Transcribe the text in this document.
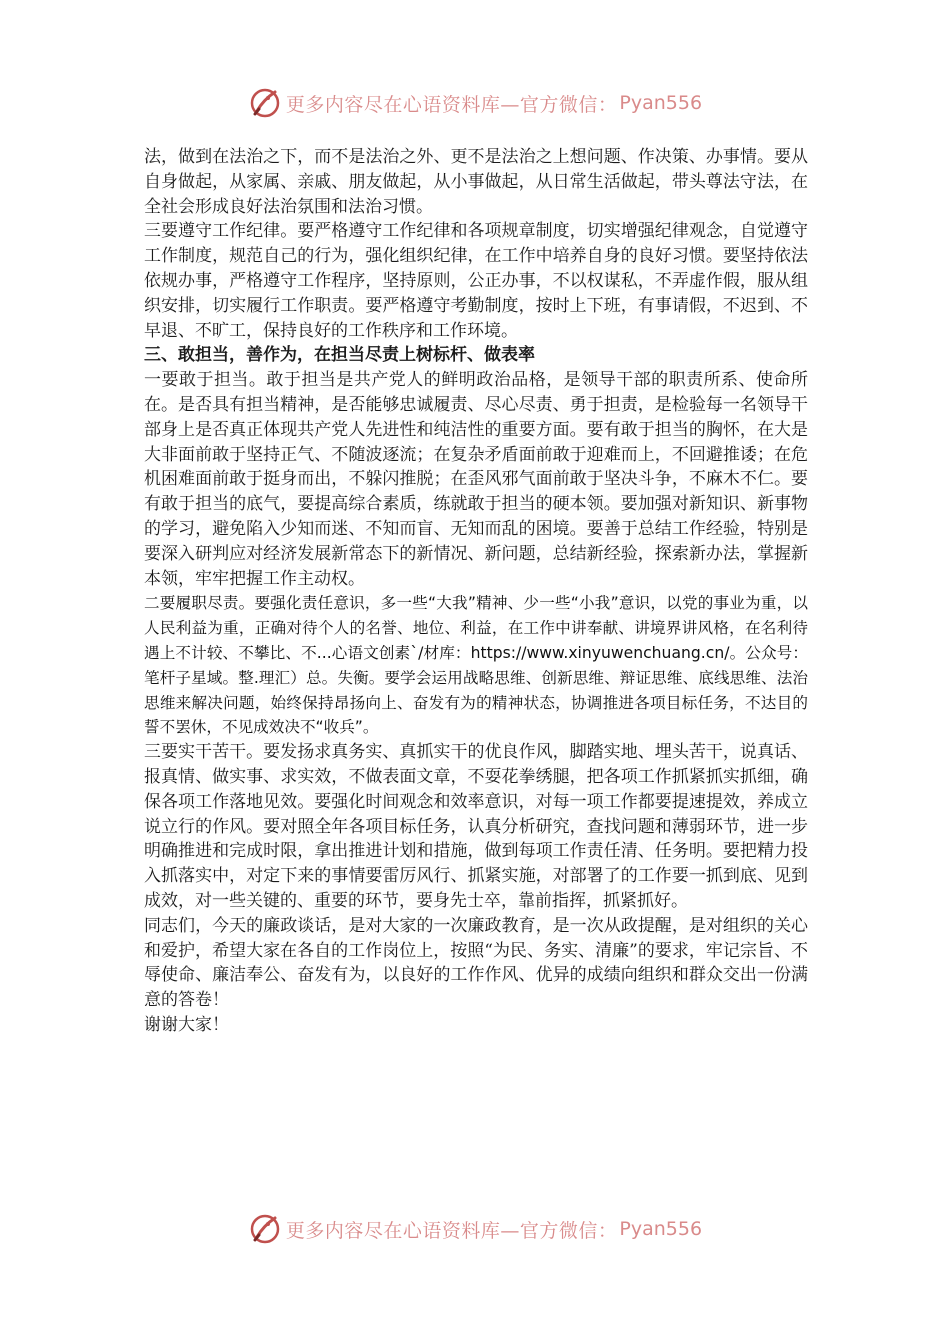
更多内容尽在心语资料库—官方微信： Pyan556

法，做到在法治之下，而不是法治之外、更不是法治之上想问题、作决策、办事情。要从自身做起，从家属、亲戚、朋友做起，从小事做起，从日常生活做起，带头尊法守法，在全社会形成良好法治氛围和法治习惯。

三要遵守工作纪律。要严格遵守工作纪律和各项规章制度，切实增强纪律观念，自觉遵守工作制度，规范自己的行为，强化组织纪律，在工作中培养自身的良好习惯。要坚持依法依规办事，严格遵守工作程序，坚持原则，公正办事，不以权谋私，不弄虚作假，服从组织安排，切实履行工作职责。要严格遵守考勤制度，按时上下班，有事请假，不迟到、不早退、不旷工，保持良好的工作秩序和工作环境。

三、敢担当，善作为，在担当尽责上树标杆、做表率

一要敢于担当。敢于担当是共产党人的鲜明政治品格，是领导干部的职责所系、使命所在。是否具有担当精神，是否能够忠诚履责、尽心尽责、勇于担责，是检验每一名领导干部身上是否真正体现共产党人先进性和纯洁性的重要方面。要有敢于担当的胸怀，在大是大非面前敢于坚持正气、不随波逐流；在复杂矛盾面前敢于迎难而上，不回避推诿；在危机困难面前敢于挺身而出，不躲闪推脱；在歪风邪气面前敢于坚决斗争，不麻木不仁。要有敢于担当的底气，要提高综合素质，练就敢于担当的硬本领。要加强对新知识、新事物的学习，避免陷入少知而迷、不知而盲、无知而乱的困境。要善于总结工作经验，特别是要深入研判应对经济发展新常态下的新情况、新问题，总结新经验，探索新办法，掌握新本领，牢牢把握工作主动权。

二要履职尽责。要强化责任意识，多一些“大我”精神、少一些“小我”意识，以党的事业为重，以人民利益为重，正确对待个人的名誉、地位、利益，在工作中讲奉献、讲境界讲风格，在名利待遇上不计较、不攀比、不...心语文创素`/材库：https://www.xinyuwenchuang.cn/。公众号：笔杆子星域。整.理汇）总。失衡。要学会运用战略思维、创新思维、辩证思维、底线思维、法治思维来解决问题，始终保持昂扬向上、奋发有为的精神状态，协调推进各项目标任务，不达目的誓不罢休，不见成效决不“收兵”。

三要实干苦干。要发扬求真务实、真抓实干的优良作风，脚踏实地、埋头苦干，说真话、报真情、做实事、求实效，不做表面文章，不耍花拳绣腿，把各项工作抓紧抓实抓细，确保各项工作落地见效。要强化时间观念和效率意识，对每一项工作都要提速提效，养成立说立行的作风。要对照全年各项目标任务，认真分析研究，查找问题和薄弱环节，进一步明确推进和完成时限，拿出推进计划和措施，做到每项工作责任清、任务明。要把精力投入抓落实中，对定下来的事情要雷厉风行、抓紧实施，对部署了的工作要一抓到底、见到成效，对一些关键的、重要的环节，要身先士卒，靠前指挥，抓紧抓好。

同志们，今天的廉政谈话，是对大家的一次廉政教育，是一次从政提醒，是对组织的关心和爱护，希望大家在各自的工作岗位上，按照“为民、务实、清廉”的要求，牢记宗旨、不辱使命、廉洁奉公、奋发有为，以良好的工作作风、优异的成绩向组织和群众交出一份满意的答卷！

谢谢大家！

更多内容尽在心语资料库—官方微信： Pyan556
